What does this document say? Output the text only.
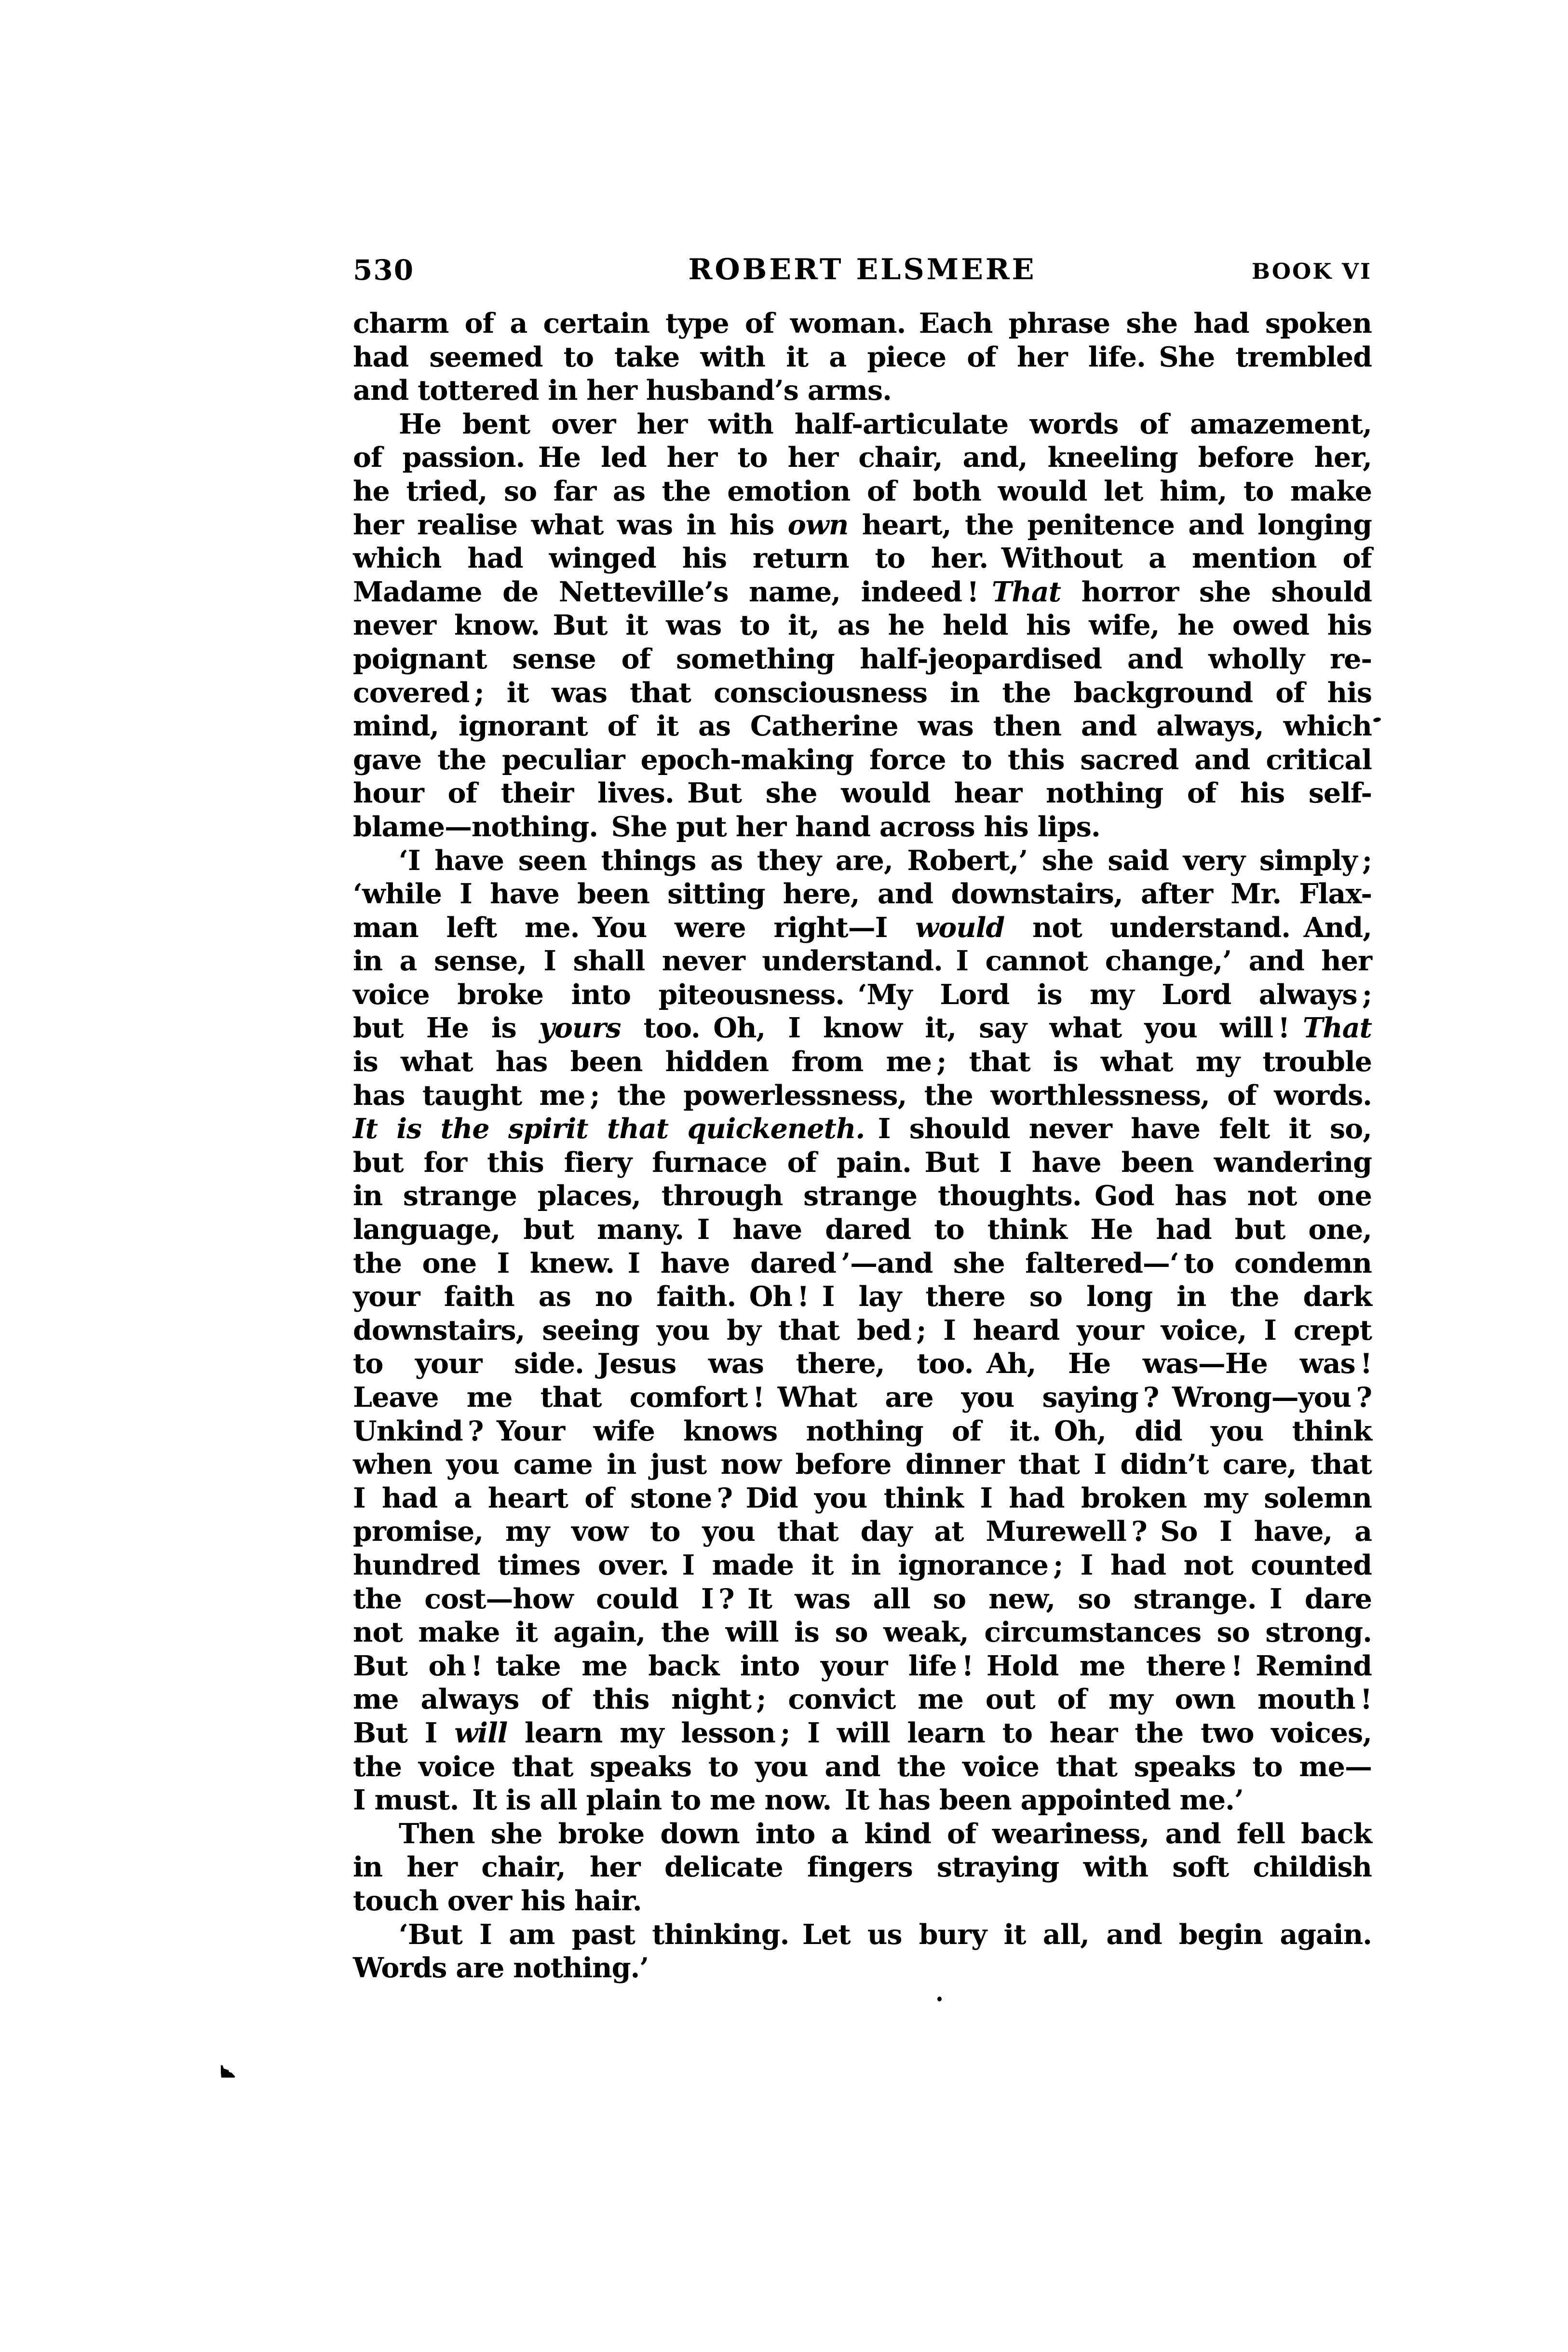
530	ROBERT ELSMERE	BOOK VI
charm of a certain type of woman. Each phrase she had spoken
had seemed to take with it a piece of her life. She trembled
and tottered in her husband’s arms.
He bent over her with half-articulate words of amazement,
of passion. He led her to her chair, and, kneeling before her,
he tried, so far as the emotion of both would let him, to make
her realise what was in his own heart, the penitence and longing
which had winged his return to her. Without a mention of
Madame de Netteville’s name, indeed ! That horror she should
never know. But it was to it, as he held his wife, he owed his
poignant sense of something half-jeopardised and wholly re-
covered ; it was that consciousness in the background of his
mind, ignorant of it as Catherine was then and always, which
gave the peculiar epoch-making force to this sacred and critical
hour of their lives. But she would hear nothing of his self-
blame—nothing. She put her hand across his lips.
‘I have seen things as they are, Robert,’ she said very simply ;
‘while I have been sitting here, and downstairs, after Mr. Flax-
man left me. You were right—I would not understand. And,
in a sense, I shall never understand. I cannot change,’ and her
voice broke into piteousness. ‘My Lord is my Lord always ;
but He is yours too. Oh, I know it, say what you will ! That
is what has been hidden from me ; that is what my trouble
has taught me ; the powerlessness, the worthlessness, of words.
It is the spirit that quickeneth. I should never have felt it so,
but for this fiery furnace of pain. But I have been wandering
in strange places, through strange thoughts. God has not one
language, but many. I have dared to think He had but one,
the one I knew. I have dared ’—and she faltered—‘ to condemn
your faith as no faith. Oh ! I lay there so long in the dark
downstairs, seeing you by that bed ; I heard your voice, I crept
to your side. Jesus was there, too. Ah, He was—He was !
Leave me that comfort ! What are you saying ? Wrong—you ?
Unkind ? Your wife knows nothing of it. Oh, did you think
when you came in just now before dinner that I didn’t care, that
I had a heart of stone ? Did you think I had broken my solemn
promise, my vow to you that day at Murewell ? So I have, a
hundred times over. I made it in ignorance ; I had not counted
the cost—how could I ? It was all so new, so strange. I dare
not make it again, the will is so weak, circumstances so strong.
But oh ! take me back into your life ! Hold me there ! Remind
me always of this night ; convict me out of my own mouth !
But I will learn my lesson ; I will learn to hear the two voices,
the voice that speaks to you and the voice that speaks to me—
I must. It is all plain to me now. It has been appointed me.’
Then she broke down into a kind of weariness, and fell back
in her chair, her delicate fingers straying with soft childish
touch over his hair.
‘But I am past thinking. Let us bury it all, and begin again.
Words are nothing.’
